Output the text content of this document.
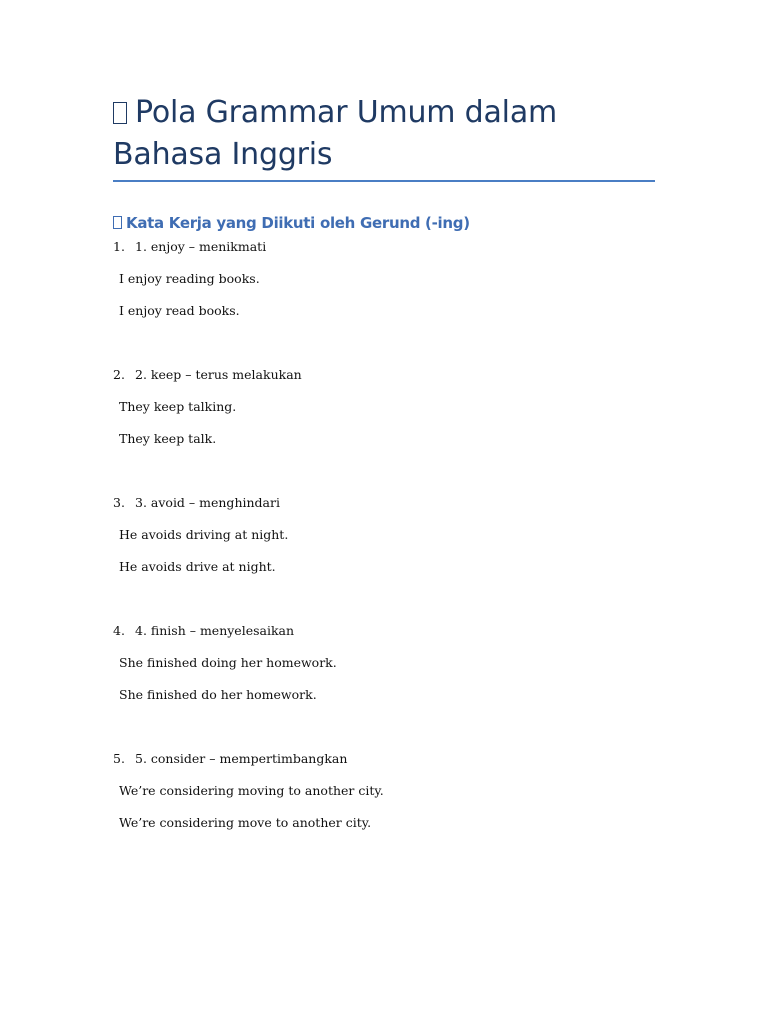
Pola Grammar Umum dalam Bahasa Inggris
Kata Kerja yang Diikuti oleh Gerund (-ing)
1. 1. enjoy – menikmati
I enjoy reading books.
I enjoy read books.
2. 2. keep – terus melakukan
They keep talking.
They keep talk.
3. 3. avoid – menghindari
He avoids driving at night.
He avoids drive at night.
4. 4. finish – menyelesaikan
She finished doing her homework.
She finished do her homework.
5. 5. consider – mempertimbangkan
We’re considering moving to another city.
We’re considering move to another city.
